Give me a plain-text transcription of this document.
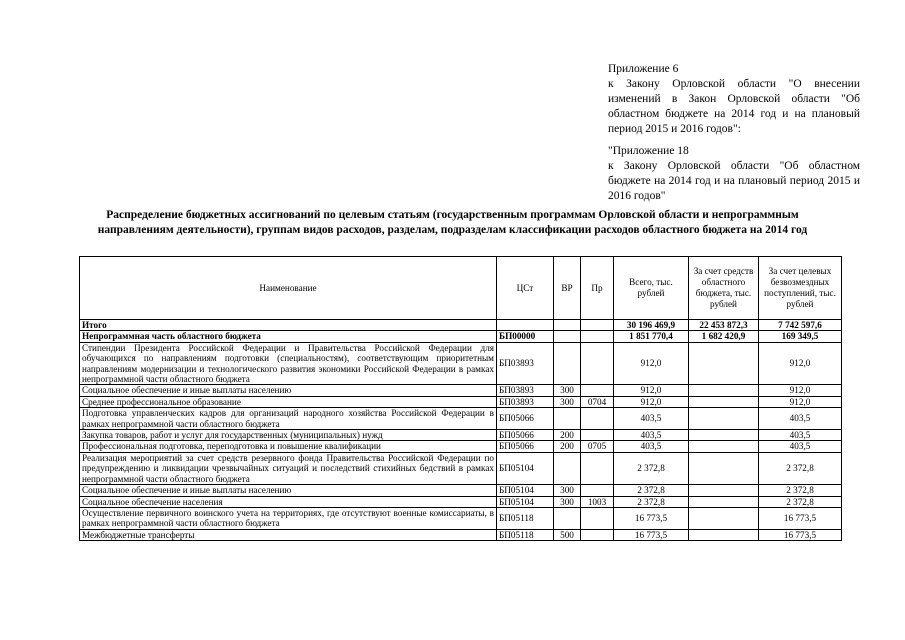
Приложение 6

к Закону Орловской области "О внесении изменений в Закон Орловской области "Об областном бюджете на 2014 год и на плановый период 2015 и 2016 годов":

"Приложение 18

к Закону Орловской области "Об областном бюджете на 2014 год и на плановый период 2015 и 2016 годов"

Распределение бюджетных ассигнований по целевым статьям (государственным программам Орловской области и непрограммным направлениям деятельности), группам видов расходов, разделам, подразделам классификации расходов областного бюджета на 2014 год
Наименование	ЦСт	ВР	Пр	Всего, тыс. рублей	За счет средств областного бюджета, тыс. рублей	За счет целевых безвозмездных поступлений, тыс. рублей
Итого				30 196 469,9	22 453 872,3	7 742 597,6
Непрограммная часть областного бюджета	БП00000			1 851 770,4	1 682 420,9	169 349,5
Стипендии Президента Российской Федерации и Правительства Российской Федерации для обучающихся по направлениям подготовки (специальностям), соответствующим приоритетным направлениям модернизации и технологического развития экономики Российской Федерации в рамках непрограммной части областного бюджета	БП03893			912,0		912,0
Социальное обеспечение и иные выплаты населению	БП03893	300		912,0		912,0
Среднее профессиональное образование	БП03893	300	0704	912,0		912,0
Подготовка управленческих кадров для организаций народного хозяйства Российской Федерации в рамках непрограммной части областного бюджета	БП05066			403,5		403,5
Закупка товаров, работ и услуг для государственных (муниципальных) нужд	БП05066	200		403,5		403,5
Профессиональная подготовка, переподготовка и повышение квалификации	БП05066	200	0705	403,5		403,5
Реализация мероприятий за счет средств резервного фонда Правительства Российской Федерации по предупреждению и ликвидации чрезвычайных ситуаций и последствий стихийных бедствий в рамках непрограммной части областного бюджета	БП05104			2 372,8		2 372,8
Социальное обеспечение и иные выплаты населению	БП05104	300		2 372,8		2 372,8
Социальное обеспечение населения	БП05104	300	1003	2 372,8		2 372,8
Осуществление первичного воинского учета на территориях, где отсутствуют военные комиссариаты, в рамках непрограммной части областного бюджета	БП05118			16 773,5		16 773,5
Межбюджетные трансферты	БП05118	500		16 773,5		16 773,5
